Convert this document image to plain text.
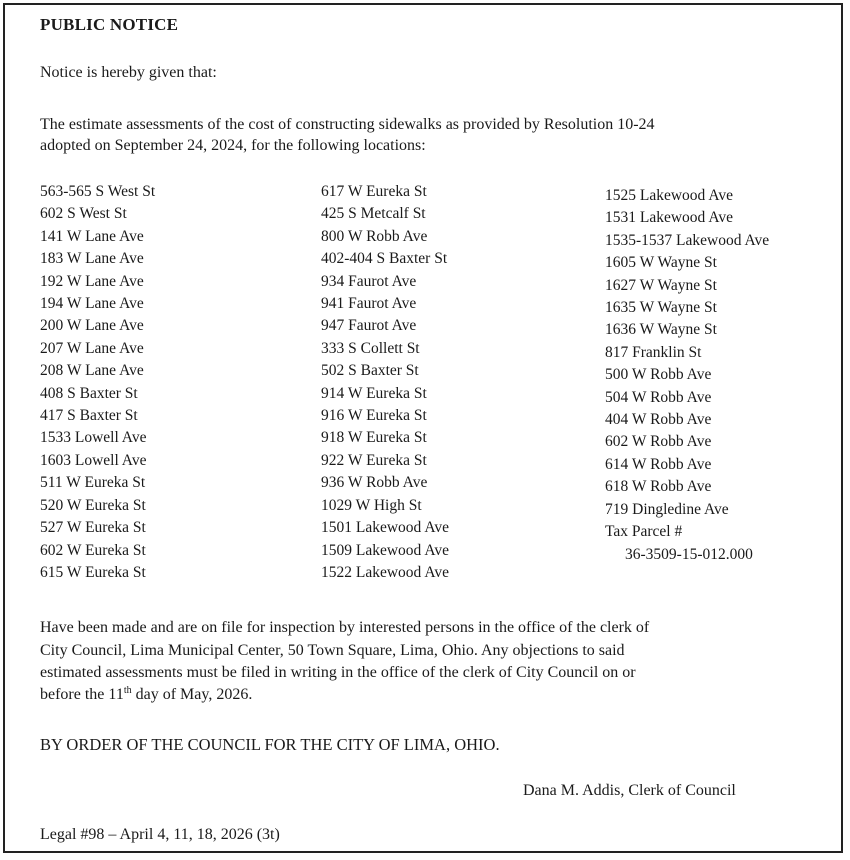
PUBLIC NOTICE
Notice is hereby given that:
The estimate assessments of the cost of constructing sidewalks as provided by Resolution 10-24
adopted on September 24, 2024, for the following locations:
563-565 S West St
602 S West St
141 W Lane Ave
183 W Lane Ave
192 W Lane Ave
194 W Lane Ave
200 W Lane Ave
207 W Lane Ave
208 W Lane Ave
408 S Baxter St
417 S Baxter St
1533 Lowell Ave
1603 Lowell Ave
511 W Eureka St
520 W Eureka St
527 W Eureka St
602 W Eureka St
615 W Eureka St
617 W Eureka St
425 S Metcalf St
800 W Robb Ave
402-404 S Baxter St
934 Faurot Ave
941 Faurot Ave
947 Faurot Ave
333 S Collett St
502 S Baxter St
914 W Eureka St
916 W Eureka St
918 W Eureka St
922 W Eureka St
936 W Robb Ave
1029 W High St
1501 Lakewood Ave
1509 Lakewood Ave
1522 Lakewood Ave
1525 Lakewood Ave
1531 Lakewood Ave
1535-1537 Lakewood Ave
1605 W Wayne St
1627 W Wayne St
1635 W Wayne St
1636 W Wayne St
817 Franklin St
500 W Robb Ave
504 W Robb Ave
404 W Robb Ave
602 W Robb Ave
614 W Robb Ave
618 W Robb Ave
719 Dingledine Ave
Tax Parcel #
36-3509-15-012.000
Have been made and are on file for inspection by interested persons in the office of the clerk of
City Council, Lima Municipal Center, 50 Town Square, Lima, Ohio. Any objections to said
estimated assessments must be filed in writing in the office of the clerk of City Council on or
before the 11th day of May, 2026.
BY ORDER OF THE COUNCIL FOR THE CITY OF LIMA, OHIO.
Dana M. Addis, Clerk of Council
Legal #98 – April 4, 11, 18, 2026 (3t)
